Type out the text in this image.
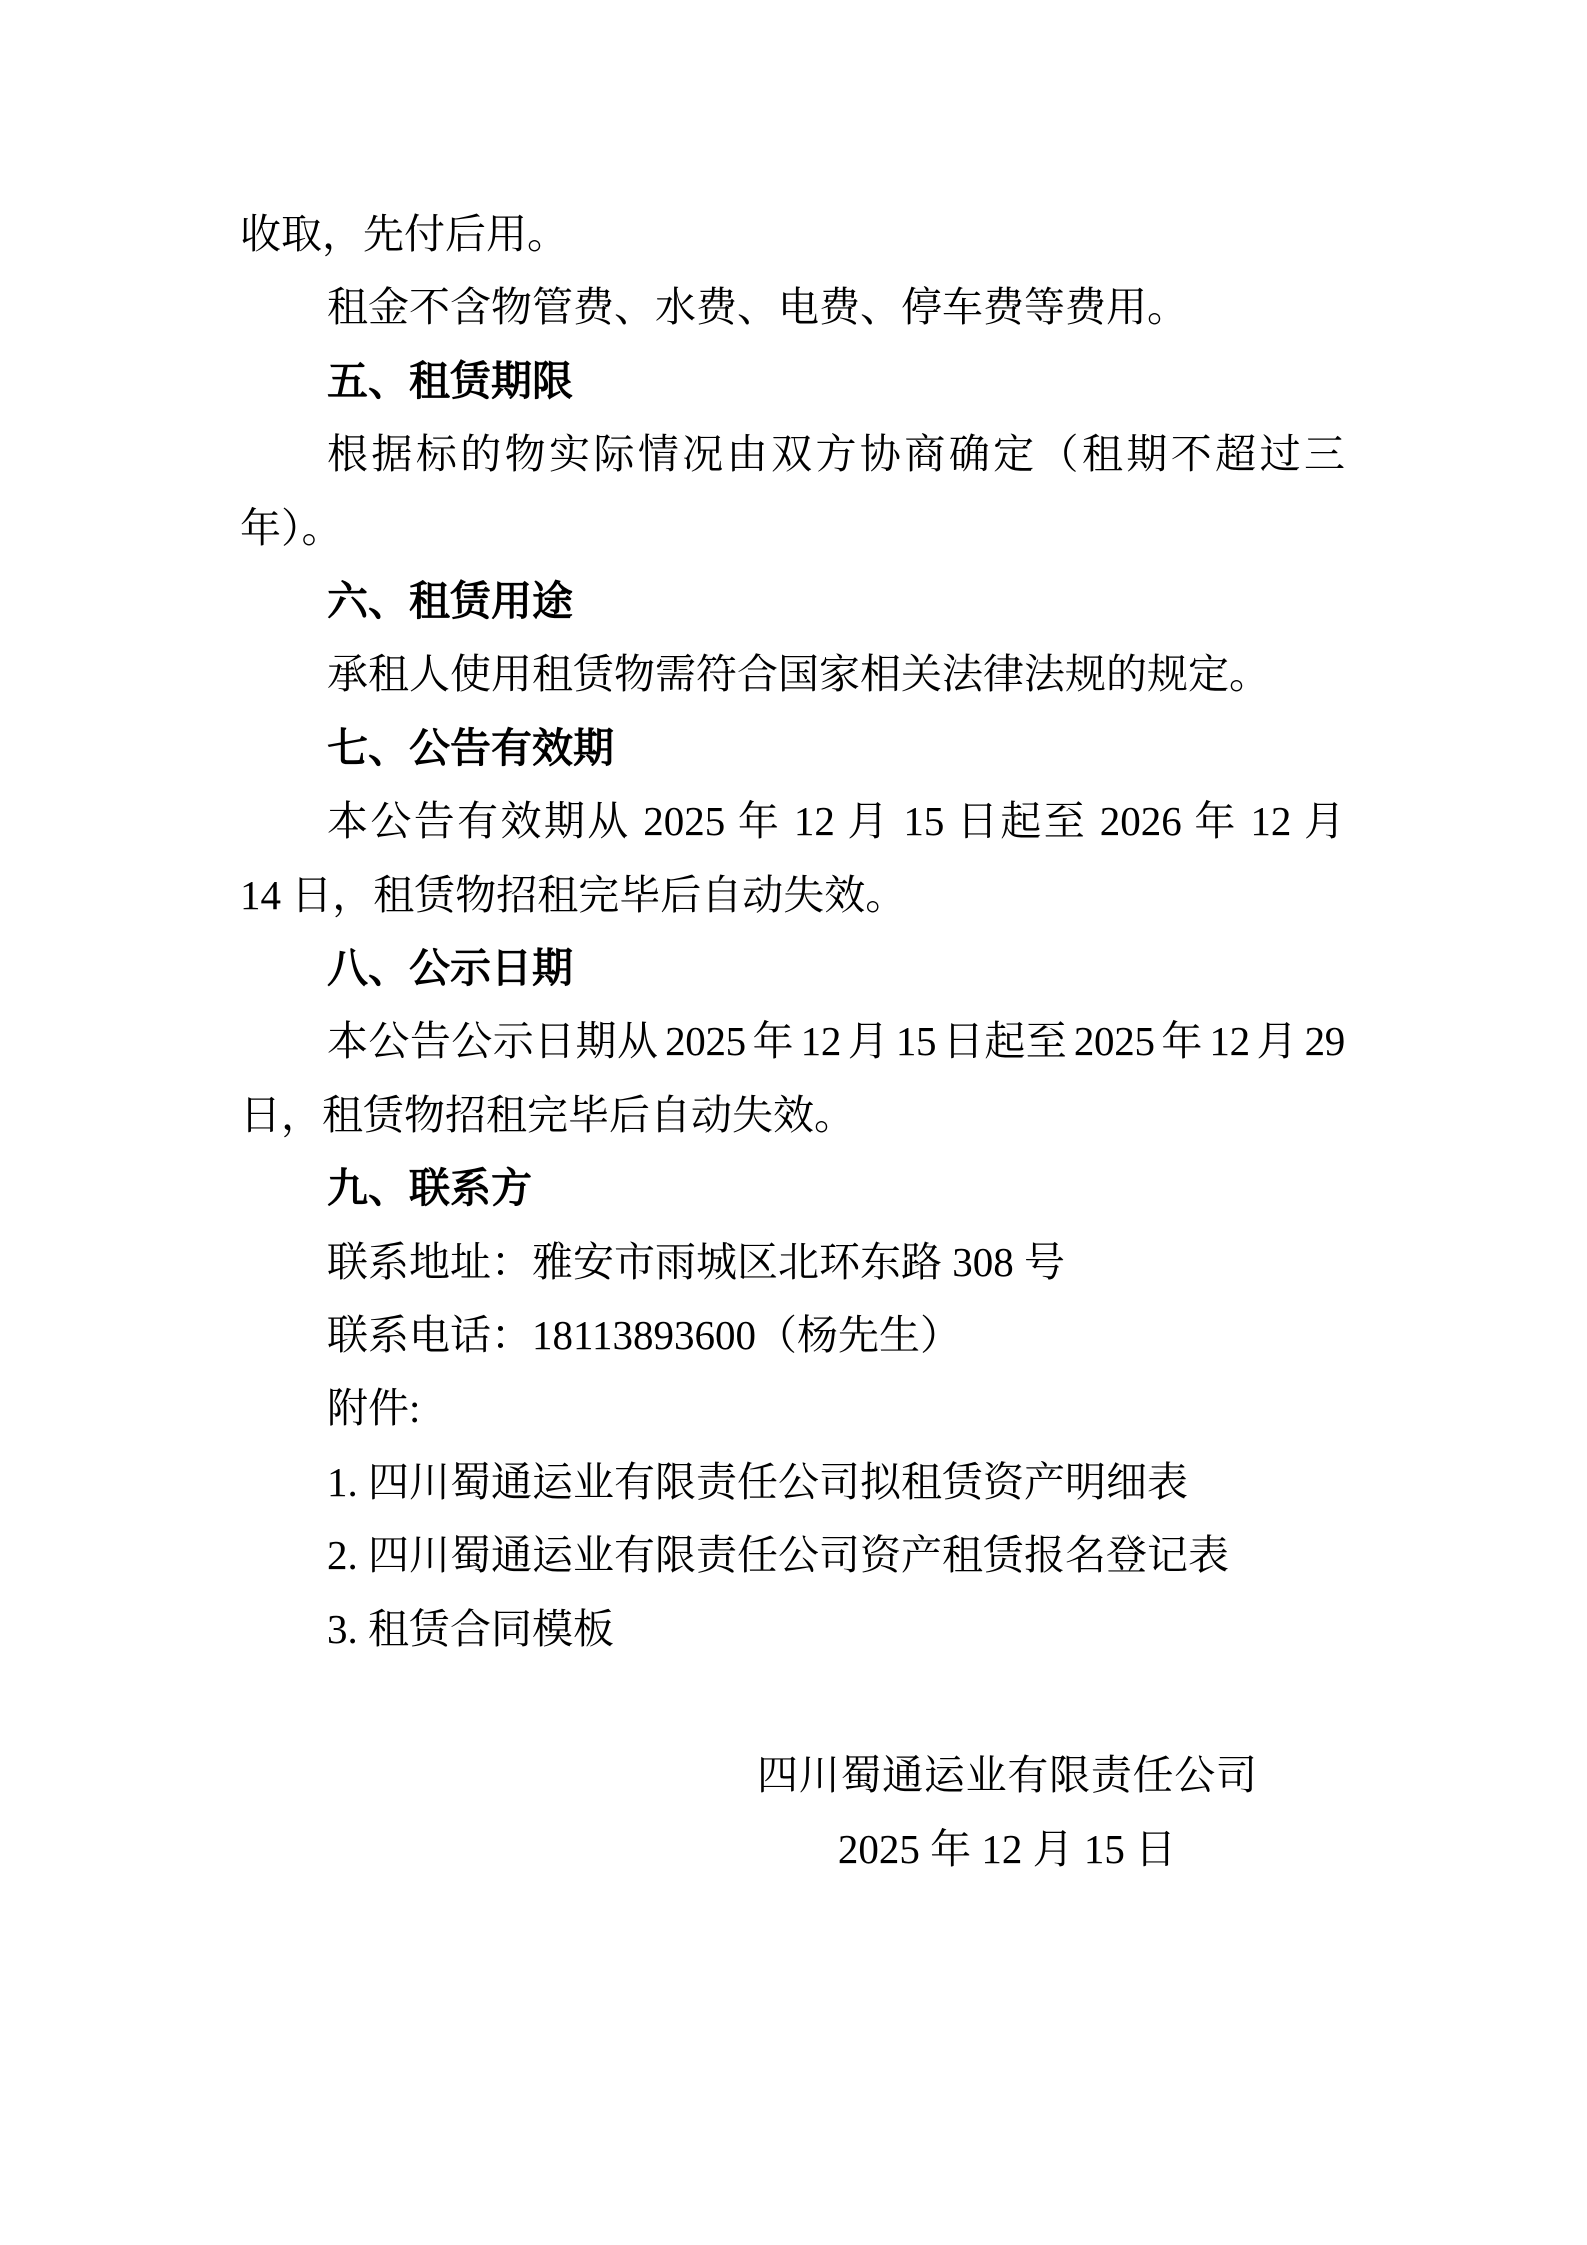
收取，先付后用。
租金不含物管费、水费、电费、停车费等费用。
五、租赁期限
根据标的物实际情况由双方协商确定（租期不超过三
年）。
六、租赁用途
承租人使用租赁物需符合国家相关法律法规的规定。
七、公告有效期
本公告有效期从 2025 年 12 月 15 日起至 2026 年 12 月
14 日，租赁物招租完毕后自动失效。
八、公示日期
本公告公示日期从 2025 年 12 月 15 日起至 2025 年 12 月 29
日，租赁物招租完毕后自动失效。
九、联系方
联系地址：雅安市雨城区北环东路 308 号
联系电话：18113893600（杨先生）
附件:
1. 四川蜀通运业有限责任公司拟租赁资产明细表
2. 四川蜀通运业有限责任公司资产租赁报名登记表
3. 租赁合同模板
四川蜀通运业有限责任公司
2025 年 12 月 15 日
